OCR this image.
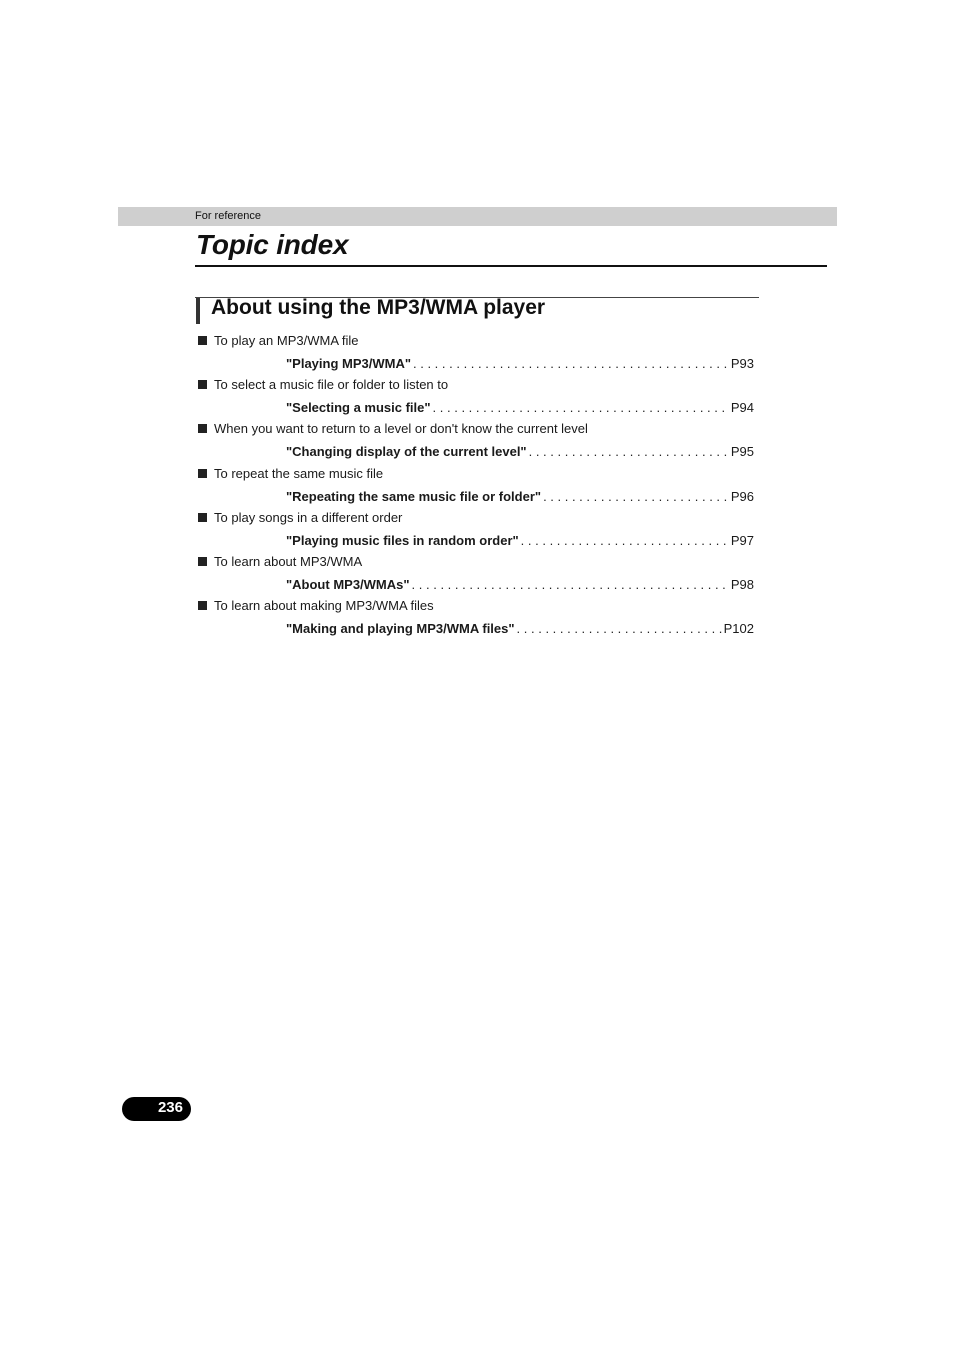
For reference
Topic index
About using the MP3/WMA player
To play an MP3/WMA file
"Playing MP3/WMA" . . .	P93
To select a music file or folder to listen to
"Selecting a music file" . . .	P94
When you want to return to a level or don't know the current level
"Changing display of the current level" . . .	P95
To repeat the same music file
"Repeating the same music file or folder" . . .	P96
To play songs in a different order
"Playing music files in random order" . . .	P97
To learn about MP3/WMA
"About MP3/WMAs" . . .	P98
To learn about making MP3/WMA files
"Making and playing MP3/WMA files" . . .	P102
236
